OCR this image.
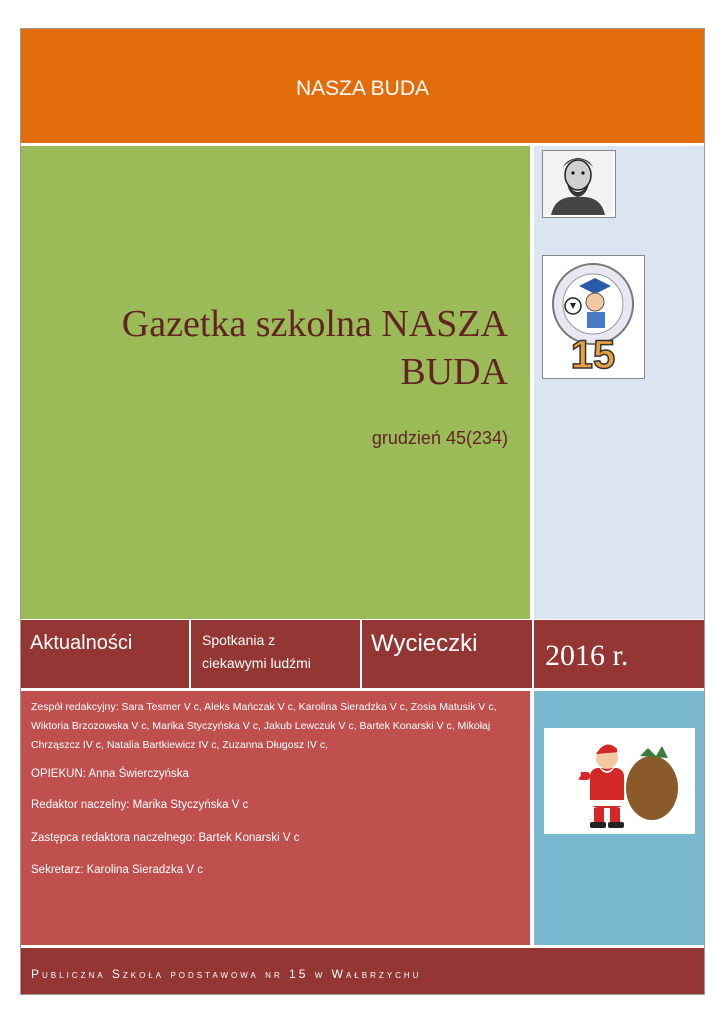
NASZA BUDA
Gazetka szkolna NASZA BUDA
grudzień 45(234)
15
Aktualności	Spotkania z ciekawymi ludźmi
Wycieczki 2016 r.
Zespół redakcyjny: Sara Tesmer V c, Aleks Mańczak V c, Karolina Sieradzka V c, Zosia Matusik V c, Wiktoria Brzozowska V c, Marika Styczyńska V c, Jakub Lewczuk V c, Bartek Konarski V c, Mikołaj Chrząszcz IV c, Natalia Bartkiewicz IV c, Zuzanna Długosz IV c,
OPIEKUN: Anna Świerczyńska
Redaktor naczelny: Marika Styczyńska V c
Zastępca redaktora naczelnego: Bartek Konarski V c
Sekretarz: Karolina Sieradzka V c
Publiczna Szkoła podstawowa nr 15 w Wałbrzychu
